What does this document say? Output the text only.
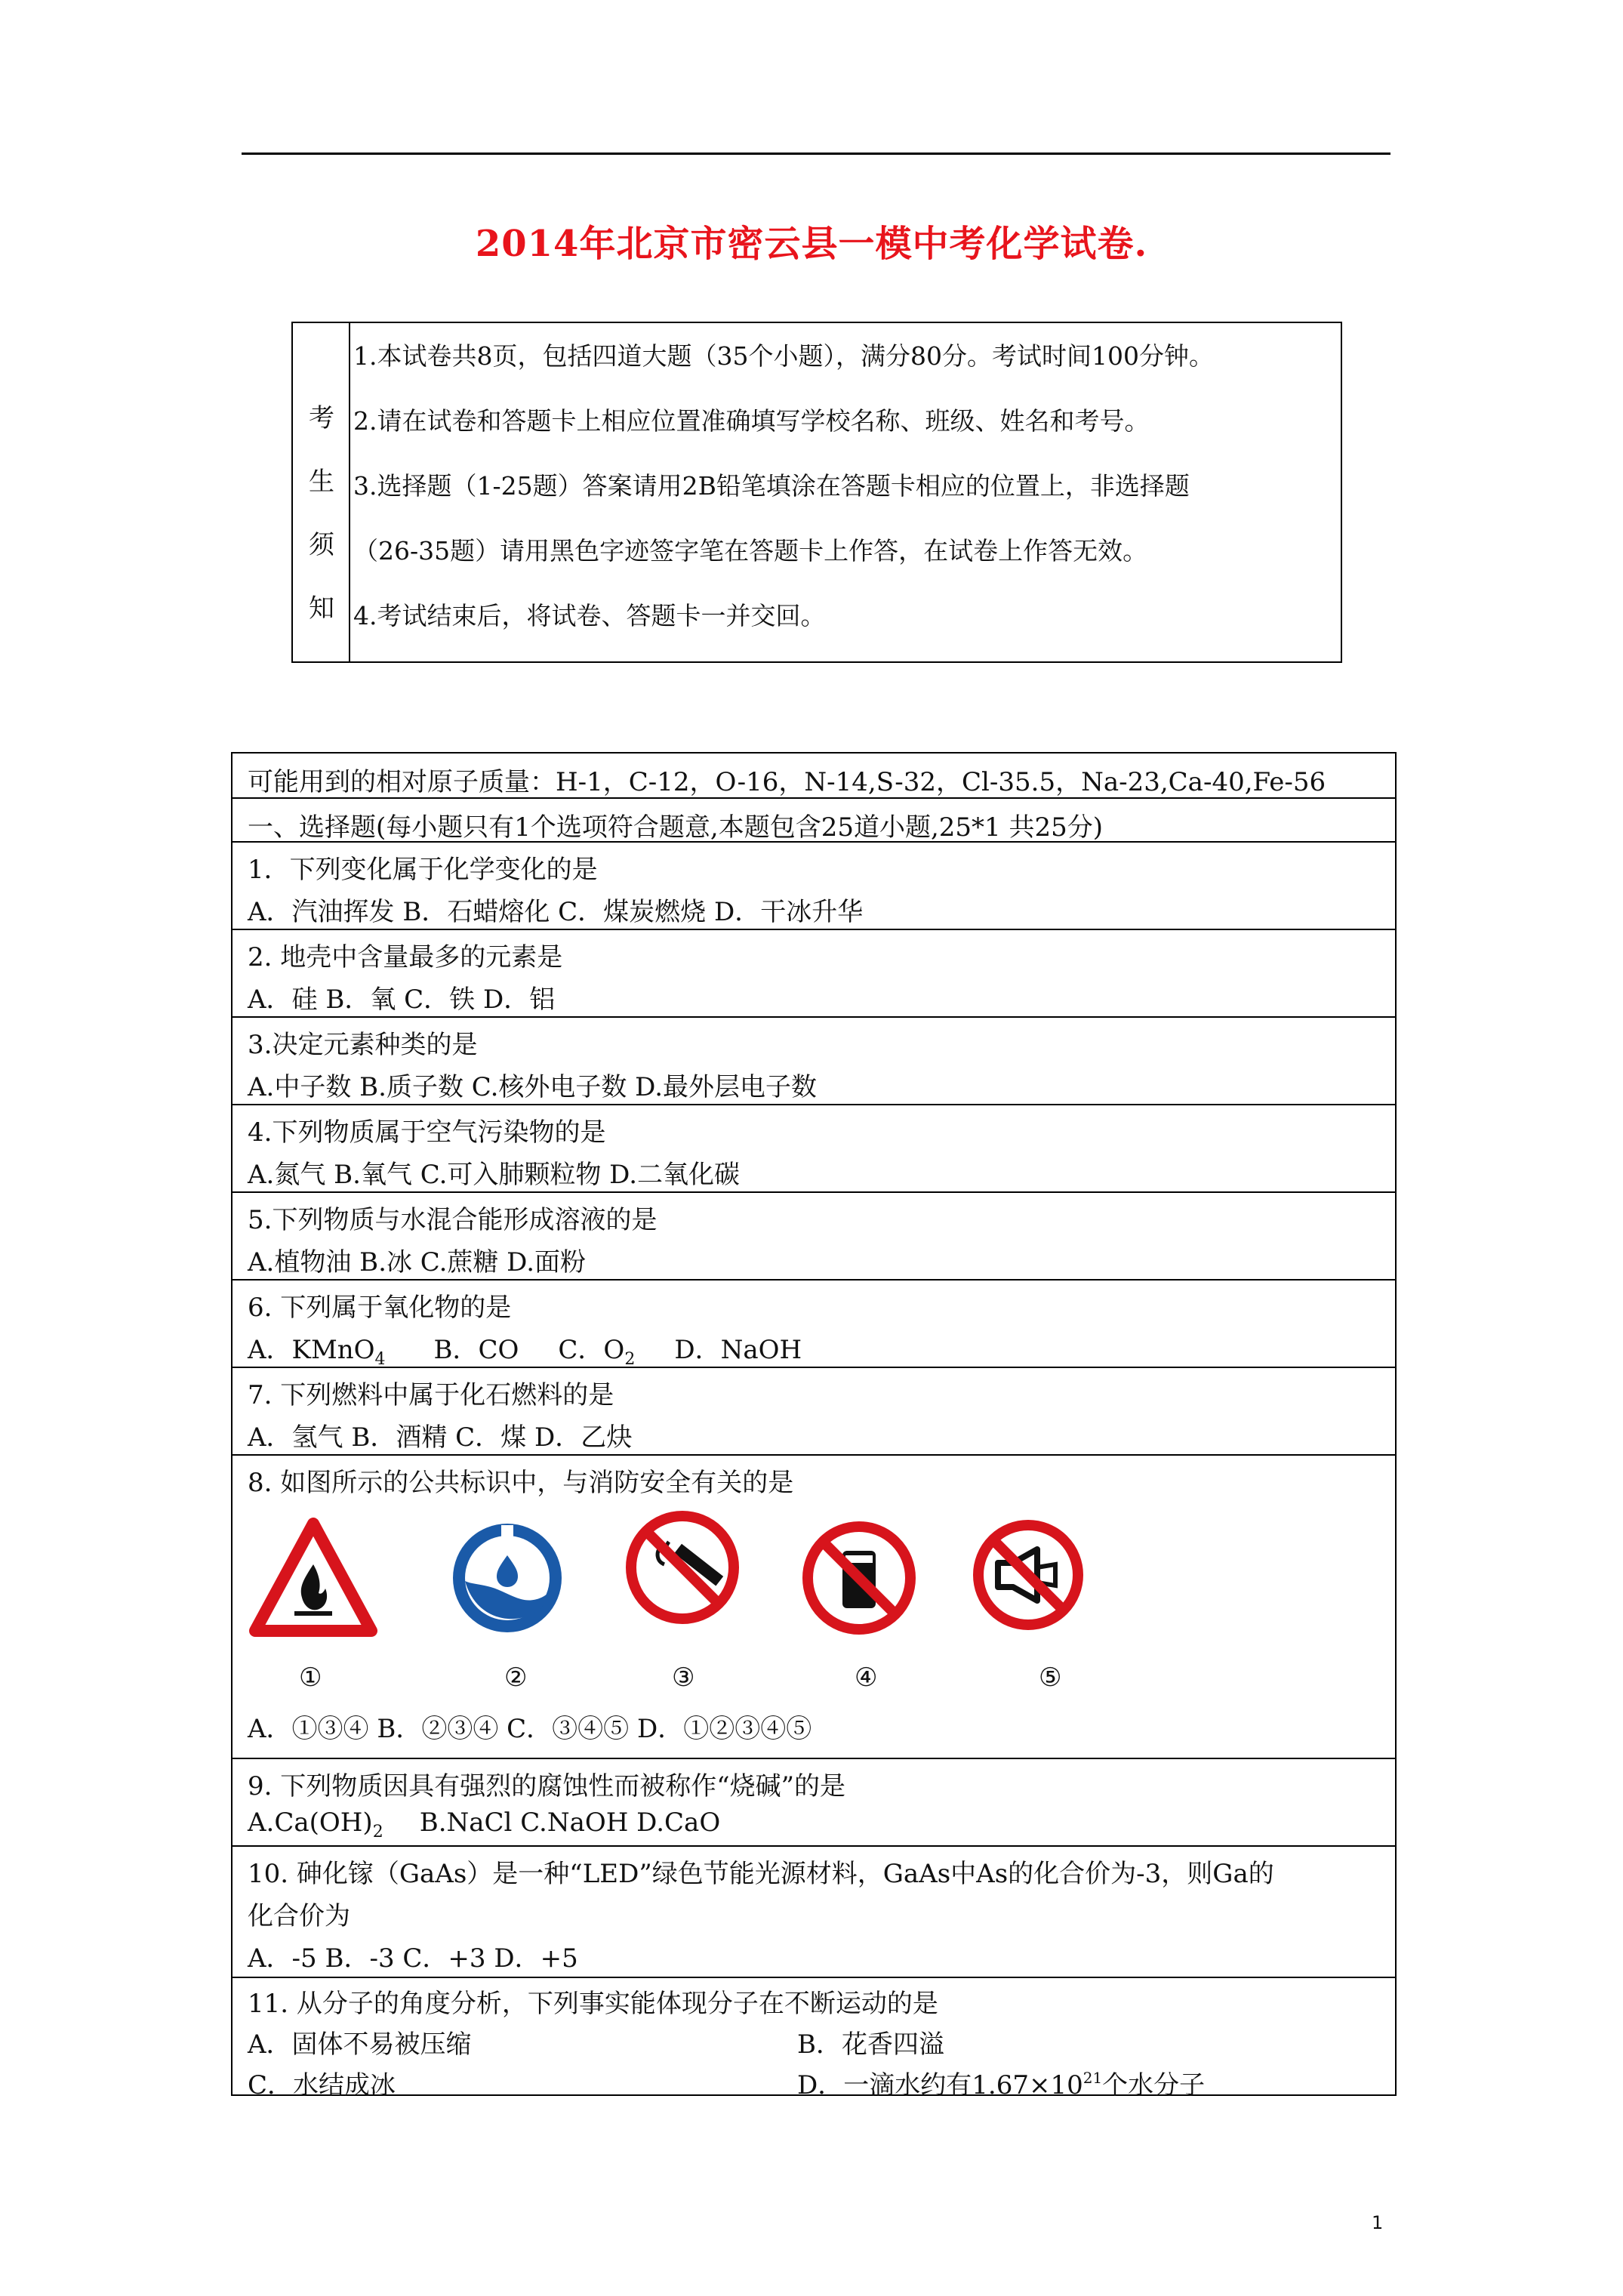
2014年北京市密云县一模中考化学试卷.
考
生
须
知
1.本试卷共8页，包括四道大题（35个小题），满分80分。考试时间100分钟。
2.请在试卷和答题卡上相应位置准确填写学校名称、班级、姓名和考号。
3.选择题（1-25题）答案请用2B铅笔填涂在答题卡相应的位置上，非选择题
（26-35题）请用黑色字迹签字笔在答题卡上作答，在试卷上作答无效。
4.考试结束后，将试卷、答题卡一并交回。
可能用到的相对原子质量：H-1，C-12，O-16，N-14,S-32，Cl-35.5，Na-23,Ca-40,Fe-56
一、选择题(每小题只有1个选项符合题意,本题包含25道小题,25*1 共25分)
1．下列变化属于化学变化的是
A．汽油挥发 B．石蜡熔化 C．煤炭燃烧 D．干冰升华
2. 地壳中含量最多的元素是
A．硅 B．氧 C．铁 D．铝
3.决定元素种类的是
A.中子数 B.质子数 C.核外电子数 D.最外层电子数
4.下列物质属于空气污染物的是
A.氮气 B.氧气 C.可入肺颗粒物 D.二氧化碳
5.下列物质与水混合能形成溶液的是
A.植物油 B.冰 C.蔗糖 D.面粉
6. 下列属于氧化物的是
A．KMnO$_4$ B．CO C．$O_2$ D．NaOH
7. 下列燃料中属于化石燃料的是
A．氢气 B．酒精 C．煤 D．乙炔
8. 如图所示的公共标识中，与消防安全有关的是
①	②	③	④	⑤
A．①③④ B．②③④ C．③④⑤ D．①②③④⑤
9. 下列物质因具有强烈的腐蚀性而被称作“烧碱”的是
$A.Ca(OH)_2$ B.NaCl C.NaOH D.CaO
10. 砷化镓（GaAs）是一种“LED”绿色节能光源材料，GaAs中As的化合价为-3，则Ga的
化合价为
A．-5 B．-3 C．+3 D．+5
11. 从分子的角度分析，下列事实能体现分子在不断运动的是
A．固体不易被压缩	B．花香四溢
C．水结成冰	D．一滴水约有$1.67\times 10^{21}$个水分子
1
